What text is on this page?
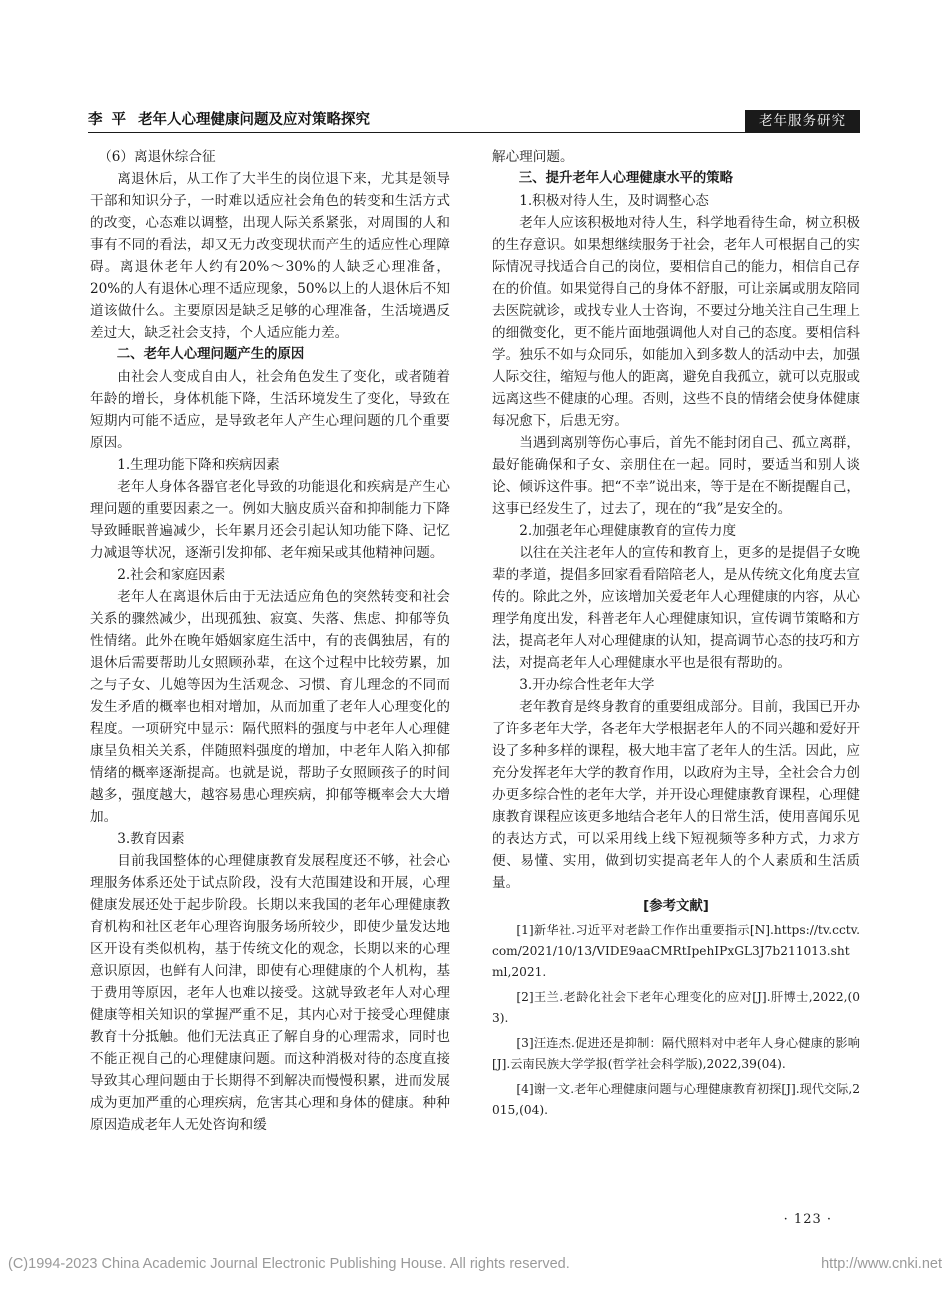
李 平 老年人心理健康问题及应对策略探究	老年服务研究

（6）离退休综合征

离退休后，从工作了大半生的岗位退下来，尤其是领导干部和知识分子，一时难以适应社会角色的转变和生活方式的改变，心态难以调整，出现人际关系紧张，对周围的人和事有不同的看法，却又无力改变现状而产生的适应性心理障碍。离退休老年人约有20%～30%的人缺乏心理准备，20%的人有退休心理不适应现象，50%以上的人退休后不知道该做什么。主要原因是缺乏足够的心理准备，生活境遇反差过大，缺乏社会支持，个人适应能力差。

二、老年人心理问题产生的原因

由社会人变成自由人，社会角色发生了变化，或者随着年龄的增长，身体机能下降，生活环境发生了变化，导致在短期内可能不适应，是导致老年人产生心理问题的几个重要原因。

1.生理功能下降和疾病因素

老年人身体各器官老化导致的功能退化和疾病是产生心理问题的重要因素之一。例如大脑皮质兴奋和抑制能力下降导致睡眠普遍减少，长年累月还会引起认知功能下降、记忆力减退等状况，逐渐引发抑郁、老年痴呆或其他精神问题。

2.社会和家庭因素

老年人在离退休后由于无法适应角色的突然转变和社会关系的骤然减少，出现孤独、寂寞、失落、焦虑、抑郁等负性情绪。此外在晚年婚姻家庭生活中，有的丧偶独居，有的退休后需要帮助儿女照顾孙辈，在这个过程中比较劳累，加之与子女、儿媳等因为生活观念、习惯、育儿理念的不同而发生矛盾的概率也相对增加，从而加重了老年人心理变化的程度。一项研究中显示：隔代照料的强度与中老年人心理健康呈负相关关系，伴随照料强度的增加，中老年人陷入抑郁情绪的概率逐渐提高。也就是说，帮助子女照顾孩子的时间越多，强度越大，越容易患心理疾病，抑郁等概率会大大增加。

3.教育因素

目前我国整体的心理健康教育发展程度还不够，社会心理服务体系还处于试点阶段，没有大范围建设和开展，心理健康发展还处于起步阶段。长期以来我国的老年心理健康教育机构和社区老年心理咨询服务场所较少，即使少量发达地区开设有类似机构，基于传统文化的观念，长期以来的心理意识原因，也鲜有人问津，即使有心理健康的个人机构，基于费用等原因，老年人也难以接受。这就导致老年人对心理健康等相关知识的掌握严重不足，其内心对于接受心理健康教育十分抵触。他们无法真正了解自身的心理需求，同时也不能正视自己的心理健康问题。而这种消极对待的态度直接导致其心理问题由于长期得不到解决而慢慢积累，进而发展成为更加严重的心理疾病，危害其心理和身体的健康。种种原因造成老年人无处咨询和缓

解心理问题。

三、提升老年人心理健康水平的策略

1.积极对待人生，及时调整心态

老年人应该积极地对待人生，科学地看待生命，树立积极的生存意识。如果想继续服务于社会，老年人可根据自己的实际情况寻找适合自己的岗位，要相信自己的能力，相信自己存在的价值。如果觉得自己的身体不舒服，可让亲属或朋友陪同去医院就诊，或找专业人士咨询，不要过分地关注自己生理上的细微变化，更不能片面地强调他人对自己的态度。要相信科学。独乐不如与众同乐，如能加入到多数人的活动中去，加强人际交往，缩短与他人的距离，避免自我孤立，就可以克服或远离这些不健康的心理。否则，这些不良的情绪会使身体健康每况愈下，后患无穷。

当遇到离别等伤心事后，首先不能封闭自己、孤立离群，最好能确保和子女、亲朋住在一起。同时，要适当和别人谈论、倾诉这件事。把“不幸”说出来，等于是在不断提醒自己，这事已经发生了，过去了，现在的“我”是安全的。

2.加强老年心理健康教育的宣传力度

以往在关注老年人的宣传和教育上，更多的是提倡子女晚辈的孝道，提倡多回家看看陪陪老人，是从传统文化角度去宣传的。除此之外，应该增加关爱老年人心理健康的内容，从心理学角度出发，科普老年人心理健康知识，宣传调节策略和方法，提高老年人对心理健康的认知，提高调节心态的技巧和方法，对提高老年人心理健康水平也是很有帮助的。

3.开办综合性老年大学

老年教育是终身教育的重要组成部分。目前，我国已开办了许多老年大学，各老年大学根据老年人的不同兴趣和爱好开设了多种多样的课程，极大地丰富了老年人的生活。因此，应充分发挥老年大学的教育作用，以政府为主导，全社会合力创办更多综合性的老年大学，并开设心理健康教育课程，心理健康教育课程应该更多地结合老年人的日常生活，使用喜闻乐见的表达方式，可以采用线上线下短视频等多种方式，力求方便、易懂、实用，做到切实提高老年人的个人素质和生活质量。

[参考文献]

[1]新华社.习近平对老龄工作作出重要指示[N].https://tv.cctv.com/2021/10/13/VIDE9aaCMRtIpehIPxGL3J7b211013.shtml,2021.

[2]王兰.老龄化社会下老年心理变化的应对[J].肝博士,2022,(03).

[3]汪连杰.促进还是抑制：隔代照料对中老年人身心健康的影响[J].云南民族大学学报(哲学社会科学版),2022,39(04).

[4]谢一文.老年心理健康问题与心理健康教育初探[J].现代交际,2015,(04).

· 123 ·
(C)1994-2023 China Academic Journal Electronic Publishing House. All rights reserved.	http://www.cnki.net
